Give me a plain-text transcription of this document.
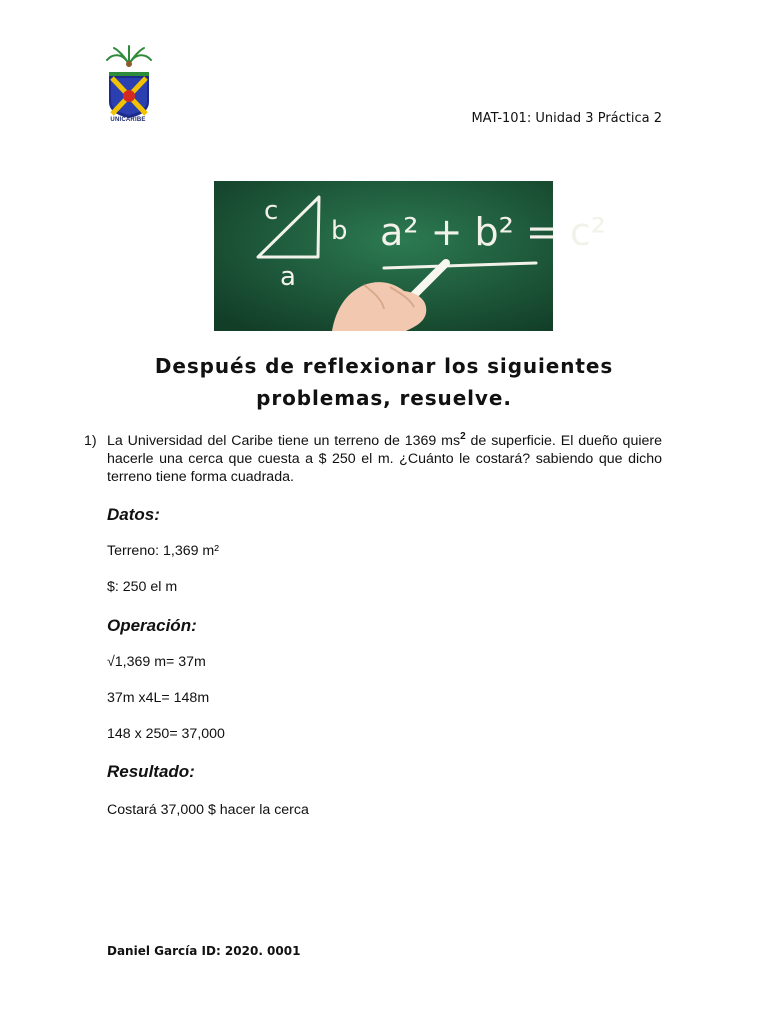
UNICARIBE	MAT-101: Unidad 3 Práctica 2
c
b
a
a² + b² = c²
Después de reflexionar los siguientes
problemas, resuelve.
1) La Universidad del Caribe tiene un terreno de 1369 $ms^2$ de superficie. El dueño quiere hacerle una cerca que cuesta a $ 250 el m. ¿Cuánto le costará? sabiendo que dicho terreno tiene forma cuadrada.
Datos:
Terreno: 1,369 m²
$: 250 el m
Operación:
√1,369 m= 37m
37m x4L= 148m
148 x 250= 37,000
Resultado:
Costará 37,000 $ hacer la cerca
Daniel García ID: 2020. 0001
